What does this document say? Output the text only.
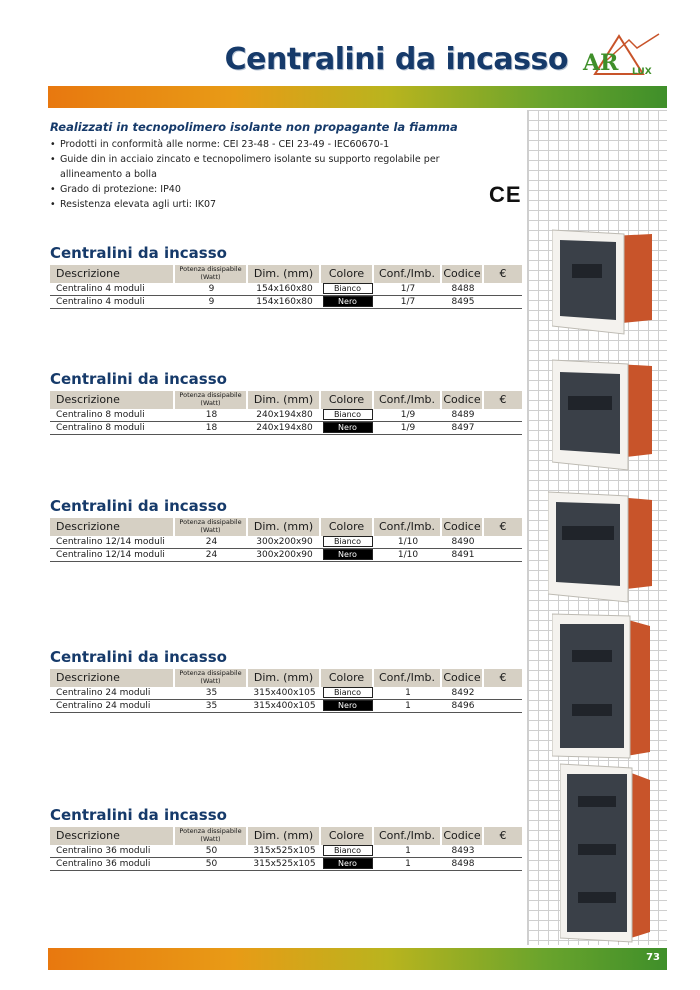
Centralini da incasso AR LUX
Realizzati in tecnopolimero isolante non propagante la fiamma
• Prodotti in conformità alle norme: CEI 23-48 - CEI 23-49 - IEC60670-1
• Guide din in acciaio zincato e tecnopolimero isolante su supporto regolabile per allineamento a bolla
• Grado di protezione: IP40
• Resistenza elevata agli urti: IK07	CE
Centralini da incasso
Descrizione	Potenza dissipabile (Watt)	Dim. (mm)	Colore	Conf./Imb. Codice	€
Centralino 4 moduli	9	154x160x80	Bianco	1/7	8488
Centralino 4 moduli	9	154x160x80	Nero	1/7	8495
Centralini da incasso
Descrizione	Potenza dissipabile (Watt)	Dim. (mm)	Colore	Conf./Imb. Codice	€
Centralino 8 moduli	18	240x194x80	Bianco	1/9	8489
Centralino 8 moduli	18	240x194x80	Nero	1/9	8497
Centralini da incasso
Descrizione	Potenza dissipabile (Watt)	Dim. (mm)	Colore	Conf./Imb. Codice	€
Centralino 12/14 moduli	24	300x200x90	Bianco	1/10	8490
Centralino 12/14 moduli	24	300x200x90	Nero	1/10	8491
Centralini da incasso
Descrizione	Potenza dissipabile (Watt)	Dim. (mm)	Colore	Conf./Imb. Codice	€
Centralino 24 moduli	35	315x400x105	Bianco	1	8492
Centralino 24 moduli	35	315x400x105	Nero	1	8496
Centralini da incasso
Descrizione	Potenza dissipabile (Watt)	Dim. (mm)	Colore	Conf./Imb. Codice	€
Centralino 36 moduli	50	315x525x105	Bianco	1	8493
Centralino 36 moduli	50	315x525x105	Nero	1	8498
73
